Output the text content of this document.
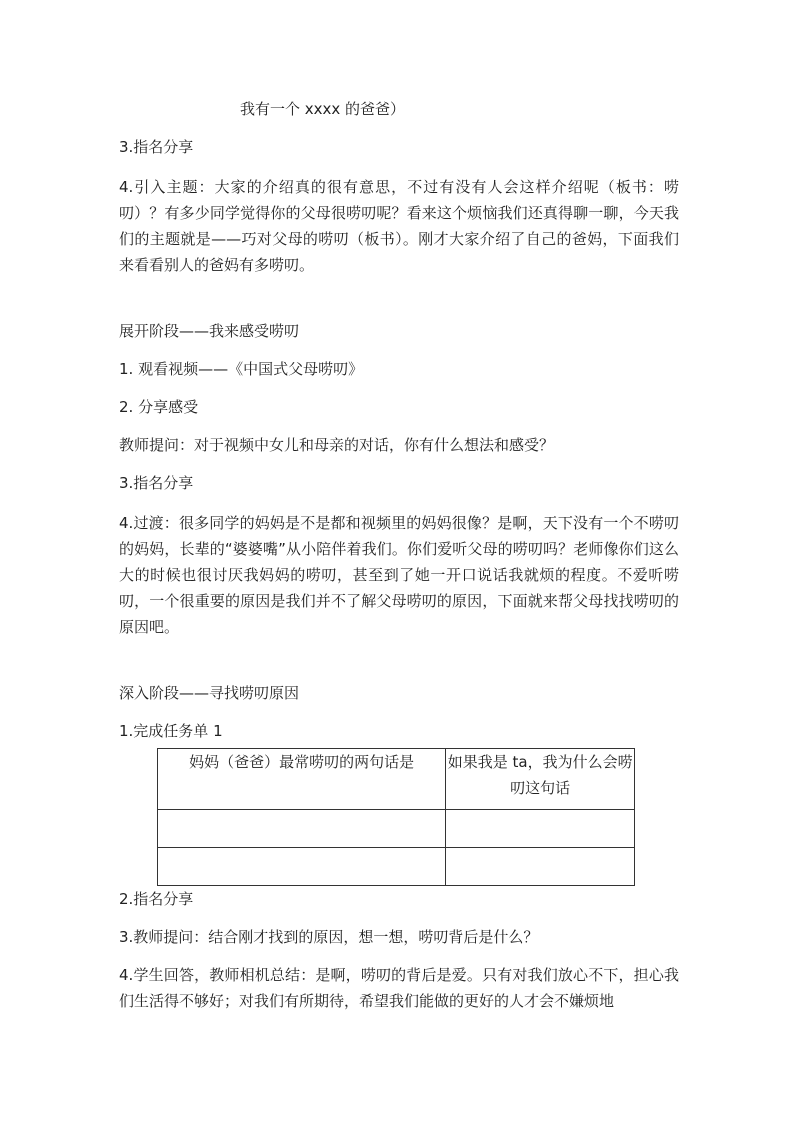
我有一个 xxxx 的爸爸）

3.指名分享

4.引入主题：大家的介绍真的很有意思，不过有没有人会这样介绍呢（板书：唠叨）？有多少同学觉得你的父母很唠叨呢？看来这个烦恼我们还真得聊一聊，今天我们的主题就是——巧对父母的唠叨（板书）。刚才大家介绍了自己的爸妈，下面我们来看看别人的爸妈有多唠叨。

展开阶段——我来感受唠叨

1. 观看视频——《中国式父母唠叨》

2. 分享感受

教师提问：对于视频中女儿和母亲的对话，你有什么想法和感受？

3.指名分享

4.过渡：很多同学的妈妈是不是都和视频里的妈妈很像？是啊，天下没有一个不唠叨的妈妈，长辈的“婆婆嘴”从小陪伴着我们。你们爱听父母的唠叨吗？老师像你们这么大的时候也很讨厌我妈妈的唠叨，甚至到了她一开口说话我就烦的程度。不爱听唠叨，一个很重要的原因是我们并不了解父母唠叨的原因，下面就来帮父母找找唠叨的原因吧。

深入阶段——寻找唠叨原因

1.完成任务单 1

妈妈（爸爸）最常唠叨的两句话是	如果我是 ta，我为什么会唠叨这句话

2.指名分享

3.教师提问：结合刚才找到的原因，想一想，唠叨背后是什么？

4.学生回答，教师相机总结：是啊，唠叨的背后是爱。只有对我们放心不下，担心我们生活得不够好；对我们有所期待，希望我们能做的更好的人才会不嫌烦地
